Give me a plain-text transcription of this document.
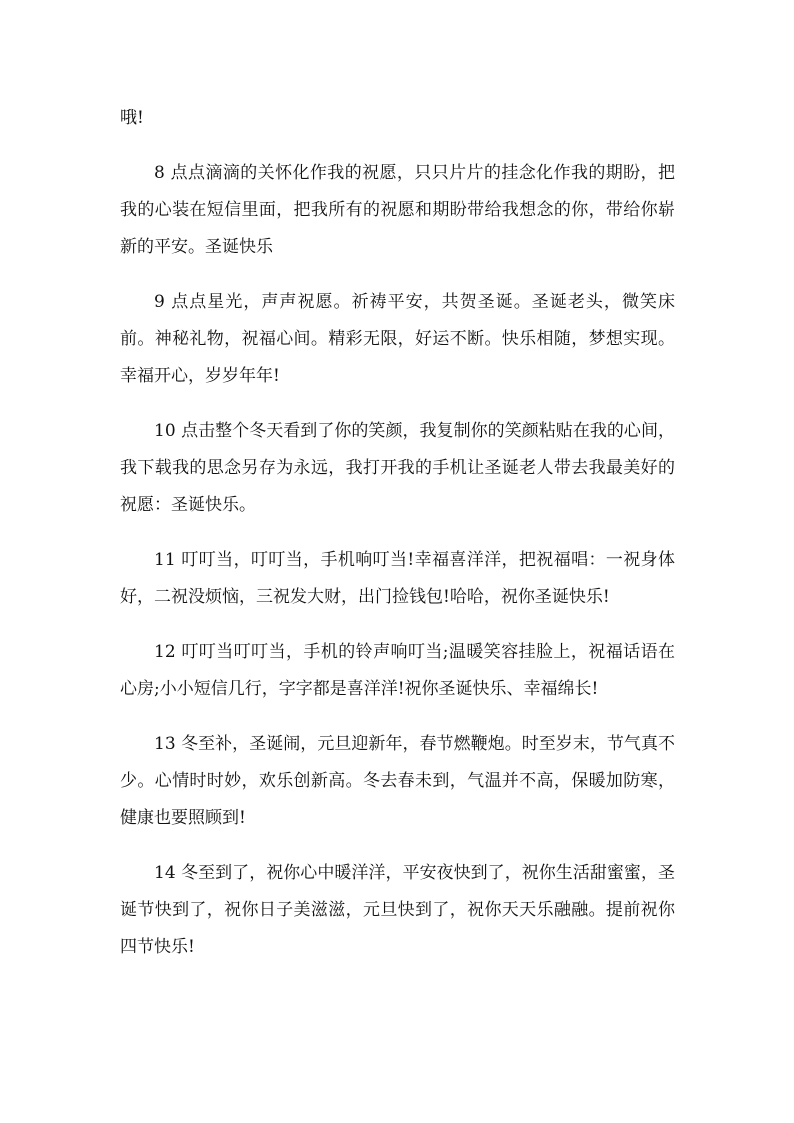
哦!

8 点点滴滴的关怀化作我的祝愿，只只片片的挂念化作我的期盼，把我的心装在短信里面，把我所有的祝愿和期盼带给我想念的你，带给你崭新的平安。圣诞快乐

9 点点星光，声声祝愿。祈祷平安，共贺圣诞。圣诞老头，微笑床前。神秘礼物，祝福心间。精彩无限，好运不断。快乐相随，梦想实现。幸福开心，岁岁年年!

10 点击整个冬天看到了你的笑颜，我复制你的笑颜粘贴在我的心间，我下载我的思念另存为永远，我打开我的手机让圣诞老人带去我最美好的祝愿：圣诞快乐。

11 叮叮当，叮叮当，手机响叮当!幸福喜洋洋，把祝福唱：一祝身体好，二祝没烦恼，三祝发大财，出门捡钱包!哈哈，祝你圣诞快乐!

12 叮叮当叮叮当，手机的铃声响叮当;温暖笑容挂脸上，祝福话语在心房;小小短信几行，字字都是喜洋洋!祝你圣诞快乐、幸福绵长!

13 冬至补，圣诞闹，元旦迎新年，春节燃鞭炮。时至岁末，节气真不少。心情时时妙，欢乐创新高。冬去春未到，气温并不高，保暖加防寒，健康也要照顾到!

14 冬至到了，祝你心中暖洋洋，平安夜快到了，祝你生活甜蜜蜜，圣诞节快到了，祝你日子美滋滋，元旦快到了，祝你天天乐融融。提前祝你四节快乐!
